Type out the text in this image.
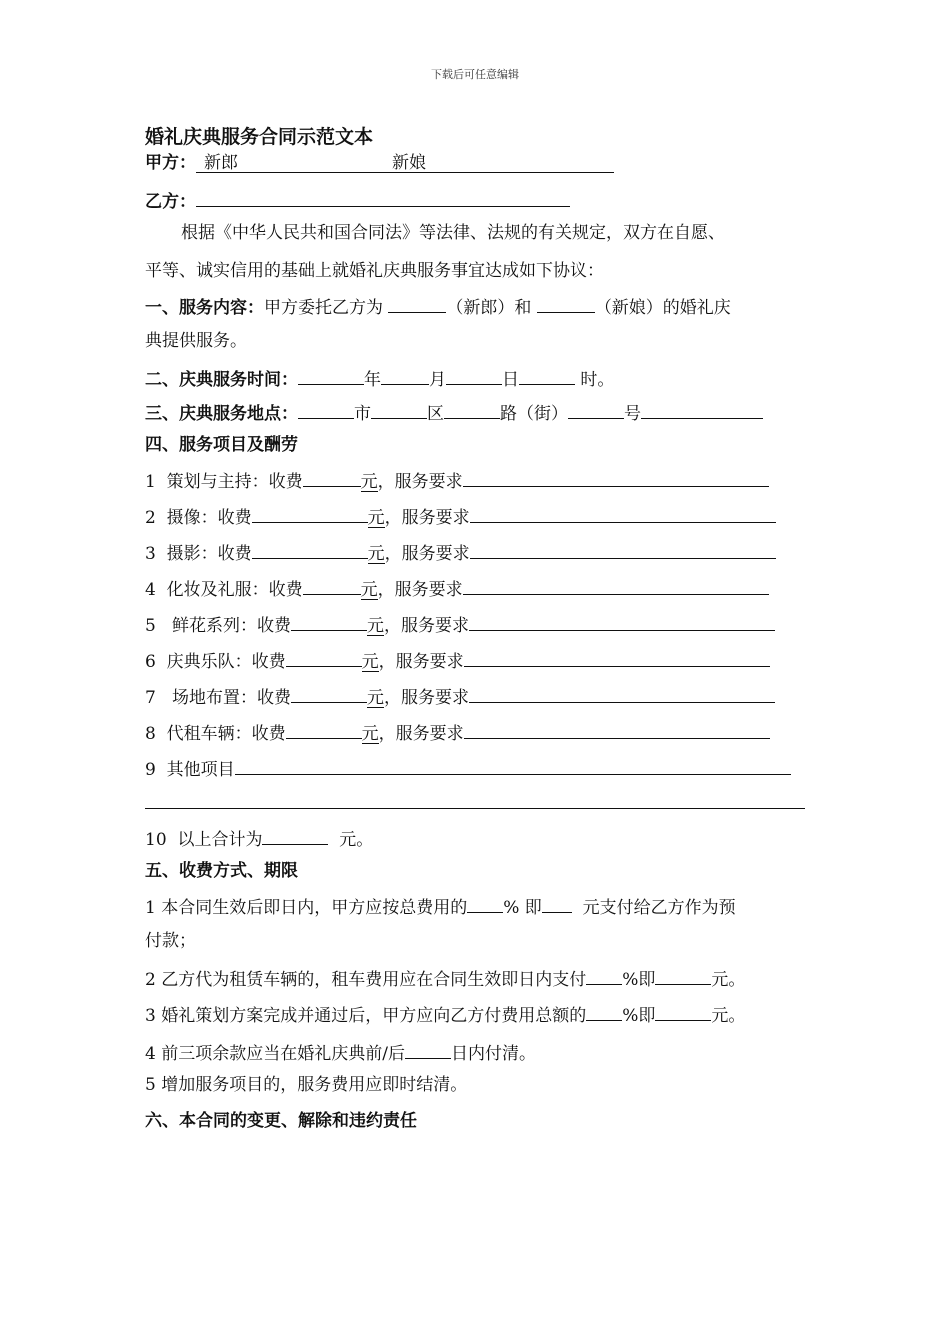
下载后可任意编辑
婚礼庆典服务合同示范文本
甲方： 新郎	新娘
乙方：
根据《中华人民共和国合同法》等法律、法规的有关规定，双方在自愿、
平等、诚实信用的基础上就婚礼庆典服务事宜达成如下协议：
一、服务内容：甲方委托乙方为	（新郎）和	（新娘）的婚礼庆
典提供服务。
二、庆典服务时间：	年	月	日	时。
三、庆典服务地点：	市	区	路（街）	号
四、服务项目及酬劳
1 策划与主持：收费	元，服务要求
2 摄像：收费	元，服务要求
3 摄影：收费	元，服务要求
4 化妆及礼服：收费	元，服务要求
5 鲜花系列：收费	元，服务要求
6 庆典乐队：收费	元，服务要求
7 场地布置：收费	元，服务要求
8 代租车辆：收费	元，服务要求
9 其他项目
10 以上合计为	元。
五、收费方式、期限
1 本合同生效后即日内，甲方应按总费用的 % 即 元支付给乙方作为预
付款；
2 乙方代为租赁车辆的，租车费用应在合同生效即日内支付 %即	元。
3 婚礼策划方案完成并通过后，甲方应向乙方付费用总额的 %即	元。
4 前三项余款应当在婚礼庆典前/后	日内付清。
5 增加服务项目的，服务费用应即时结清。
六、本合同的变更、解除和违约责任
